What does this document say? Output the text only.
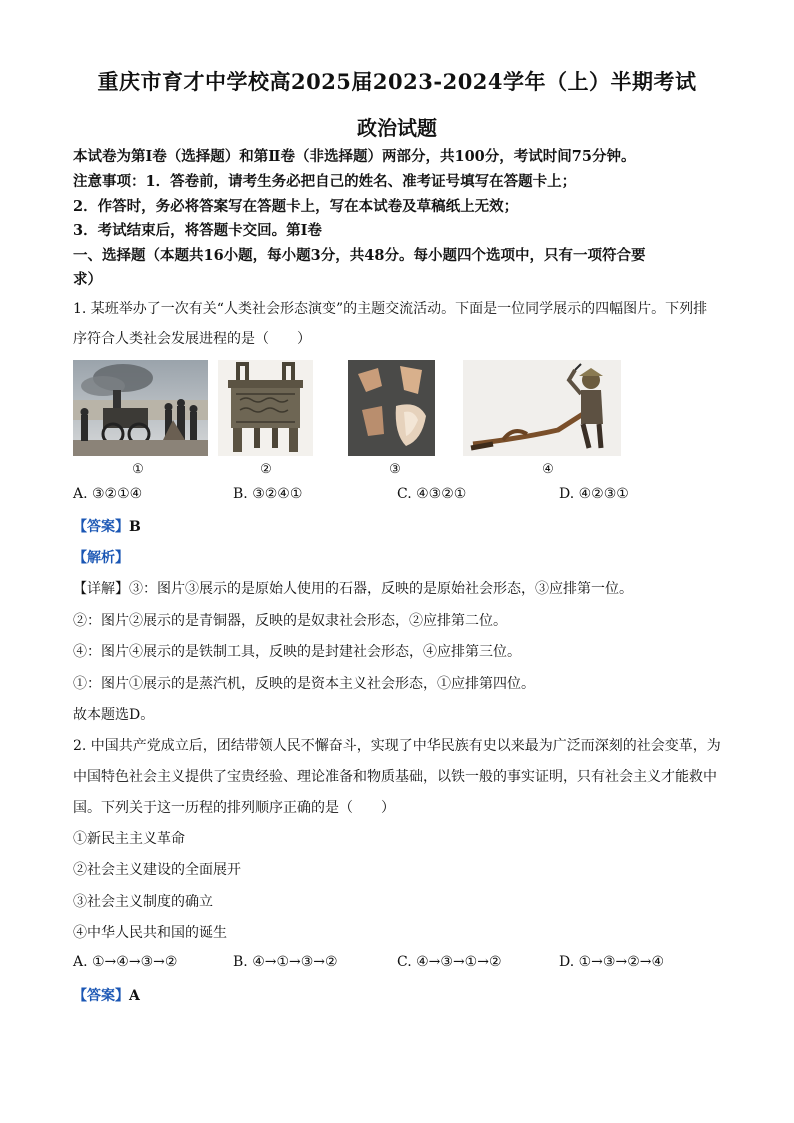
重庆市育才中学校高2025届2023-2024学年（上）半期考试
政治试题
本试卷为第Ⅰ卷（选择题）和第Ⅱ卷（非选择题）两部分，共100分，考试时间75分钟。
注意事项：1．答卷前，请考生务必把自己的姓名、准考证号填写在答题卡上；
2．作答时，务必将答案写在答题卡上，写在本试卷及草稿纸上无效；
3．考试结束后，将答题卡交回。第Ⅰ卷
一、选择题（本题共16小题，每小题3分，共48分。每小题四个选项中，只有一项符合要
求）
1. 某班举办了一次有关“人类社会形态演变”的主题交流活动。下面是一位同学展示的四幅图片。下列排
序符合人类社会发展进程的是（　　）
①	②	③	④
A. ③②①④	B. ③②④①	C. ④③②①	D. ④②③①
【答案】B
【解析】
【详解】③：图片③展示的是原始人使用的石器，反映的是原始社会形态，③应排第一位。
②：图片②展示的是青铜器，反映的是奴隶社会形态，②应排第二位。
④：图片④展示的是铁制工具，反映的是封建社会形态，④应排第三位。
①：图片①展示的是蒸汽机，反映的是资本主义社会形态，①应排第四位。
故本题选D。
2. 中国共产党成立后，团结带领人民不懈奋斗，实现了中华民族有史以来最为广泛而深刻的社会变革，为
中国特色社会主义提供了宝贵经验、理论准备和物质基础，以铁一般的事实证明，只有社会主义才能救中
国。下列关于这一历程的排列顺序正确的是（　　）
①新民主主义革命
②社会主义建设的全面展开
③社会主义制度的确立
④中华人民共和国的诞生
A. ①→④→③→②	B. ④→①→③→②	C. ④→③→①→②	D. ①→③→②→④
【答案】A
